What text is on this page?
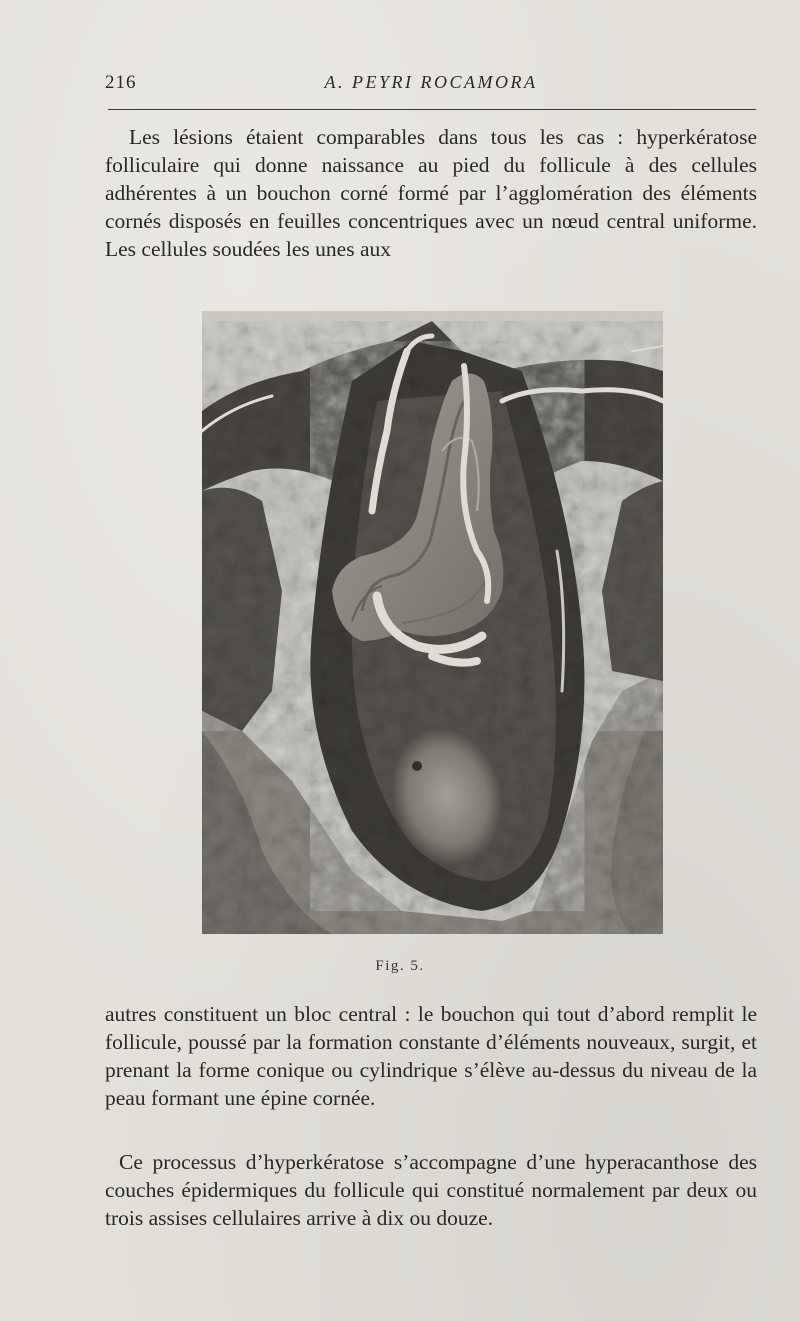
216	A. PEYRI ROCAMORA

Les lésions étaient comparables dans tous les cas : hyperkératose folliculaire qui donne naissance au pied du follicule à des cellules adhérentes à un bouchon corné formé par l’agglomération des éléments cornés disposés en feuilles concentriques avec un nœud central uniforme. Les cellules soudées les unes aux

Fig. 5.

autres constituent un bloc central : le bouchon qui tout d’abord remplit le follicule, poussé par la formation constante d’éléments nouveaux, surgit, et prenant la forme conique ou cylindrique s’élève au-dessus du niveau de la peau formant une épine cornée.

Ce processus d’hyperkératose s’accompagne d’une hyperacanthose des couches épidermiques du follicule qui constitué normalement par deux ou trois assises cellulaires arrive à dix ou douze.
